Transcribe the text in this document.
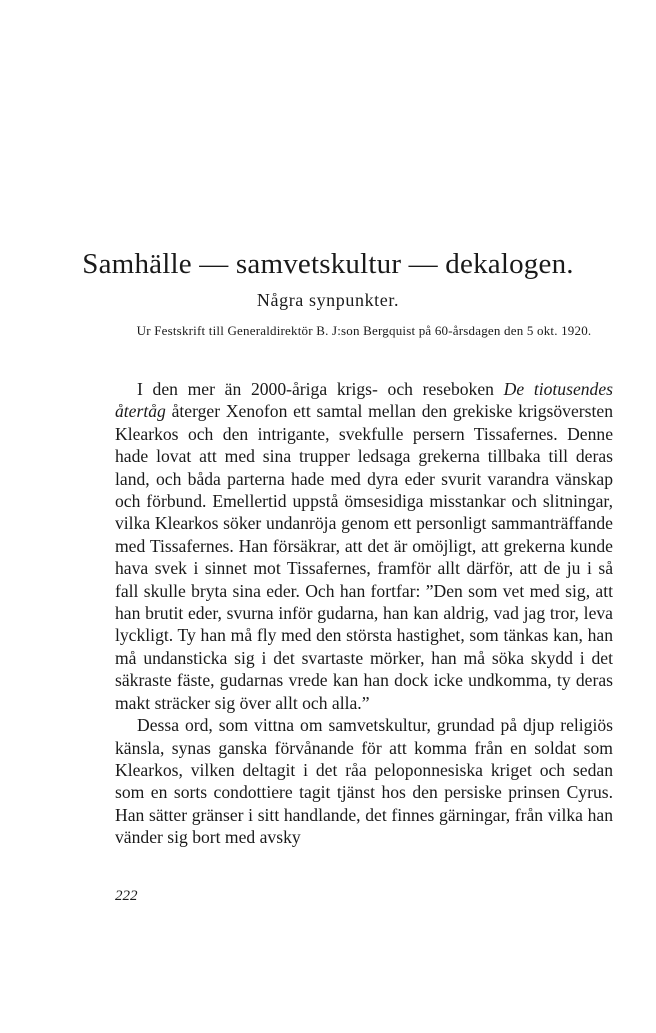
Samhälle — samvetskultur — dekalogen.
Några synpunkter.
Ur Festskrift till Generaldirektör B. J:son Bergquist på 60-årsdagen den 5 okt. 1920.

I den mer än 2000-åriga krigs- och reseboken De tiotusendes återtåg återger Xenofon ett samtal mellan den grekiske krigsöversten Klearkos och den intrigante, svekfulle persern Tissafernes. Denne hade lovat att med sina trupper ledsaga grekerna tillbaka till deras land, och båda parterna hade med dyra eder svurit varandra vänskap och förbund. Emellertid uppstå ömsesidiga misstankar och slitningar, vilka Klearkos söker undanröja genom ett personligt sammanträffande med Tissafernes. Han försäkrar, att det är omöjligt, att grekerna kunde hava svek i sinnet mot Tissafernes, framför allt därför, att de ju i så fall skulle bryta sina eder. Och han fortfar: ”Den som vet med sig, att han brutit eder, svurna inför gudarna, han kan aldrig, vad jag tror, leva lyckligt. Ty han må fly med den största hastighet, som tänkas kan, han må undansticka sig i det svartaste mörker, han må söka skydd i det säkraste fäste, gudarnas vrede kan han dock icke undkomma, ty deras makt sträcker sig över allt och alla.”

Dessa ord, som vittna om samvetskultur, grundad på djup religiös känsla, synas ganska förvånande för att komma från en soldat som Klearkos, vilken deltagit i det råa peloponnesiska kriget och sedan som en sorts condottiere tagit tjänst hos den persiske prinsen Cyrus. Han sätter gränser i sitt handlande, det finnes gärningar, från vilka han vänder sig bort med avsky

222
